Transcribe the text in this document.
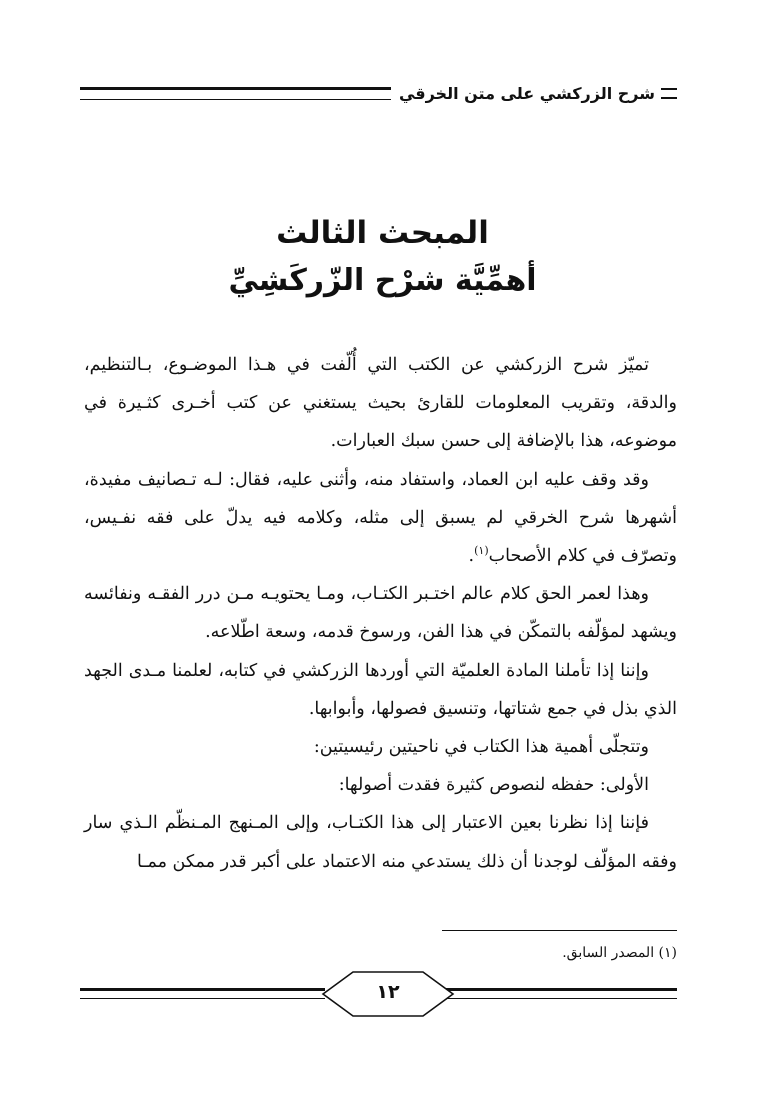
شرح الزركشي على متن الخرقي
المبحث الثالث
أهمِّيَّة شرْح الزّركَشِيِّ

تميّز شرح الزركشي عن الكتب التي أُلّفت في هـذا الموضـوع، بـالتنظيم، والدقة، وتقريب المعلومات للقارئ بحيث يستغني عن كتب أخـرى كثـيرة في موضوعه، هذا بالإضافة إلى حسن سبك العبارات.

وقد وقف عليه ابن العماد، واستفاد منه، وأثنى عليه، فقال: لـه تـصانيف مفيدة، أشهرها شرح الخرقي لم يسبق إلى مثله، وكلامه فيه يدلّ على فقه نفـيس، وتصرّف في كلام الأصحاب$^{(١)}$.

وهذا لعمر الحق كلام عالم اختـبر الكتـاب، ومـا يحتويـه مـن درر الفقـه ونفائسه ويشهد لمؤلّفه بالتمكّن في هذا الفن، ورسوخ قدمه، وسعة اطّلاعه.

وإننا إذا تأملنا المادة العلميّة التي أوردها الزركشي في كتابه، لعلمنا مـدى الجهد الذي بذل في جمع شتاتها، وتنسيق فصولها، وأبوابها.

وتتجلّى أهمية هذا الكتاب في ناحيتين رئيسيتين:

الأولى: حفظه لنصوص كثيرة فقدت أصولها:

فإننا إذا نظرنا بعين الاعتبار إلى هذا الكتـاب، وإلى المـنهج المـنظّم الـذي سار وفقه المؤلّف لوجدنا أن ذلك يستدعي منه الاعتماد على أكبر قدر ممكن ممـا

(١) المصدر السابق.
١٢
